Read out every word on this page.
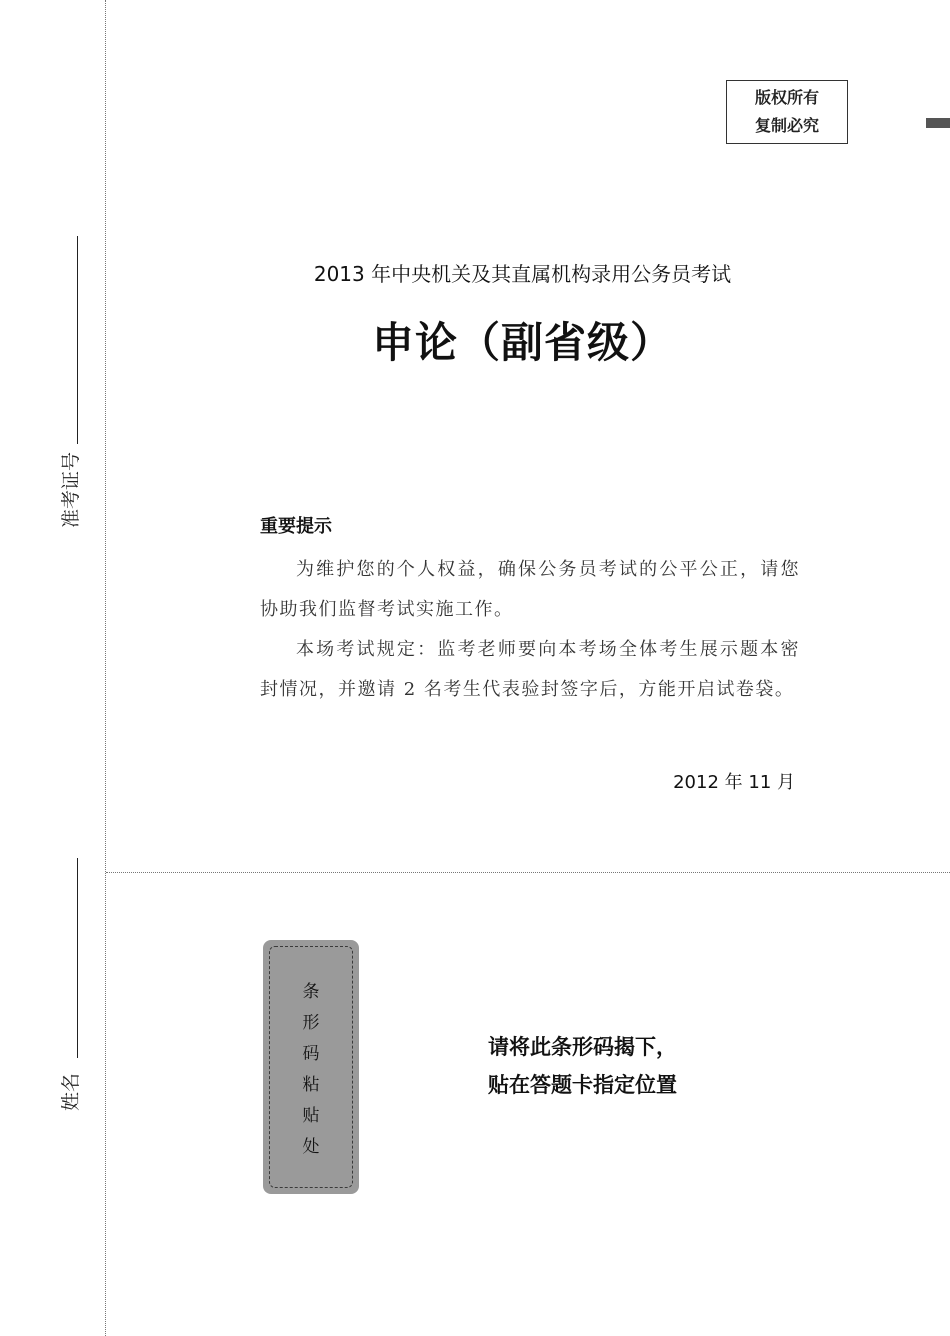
准考证号
姓名
版权所有
复制必究
2013 年中央机关及其直属机构录用公务员考试
申论（副省级）
重要提示
为维护您的个人权益，确保公务员考试的公平公正，请您协助我们监督考试实施工作。
本场考试规定：监考老师要向本考场全体考生展示题本密封情况，并邀请 2 名考生代表验封签字后，方能开启试卷袋。
2012 年 11 月
条
形
码
粘
贴
处
请将此条形码揭下，
贴在答题卡指定位置
